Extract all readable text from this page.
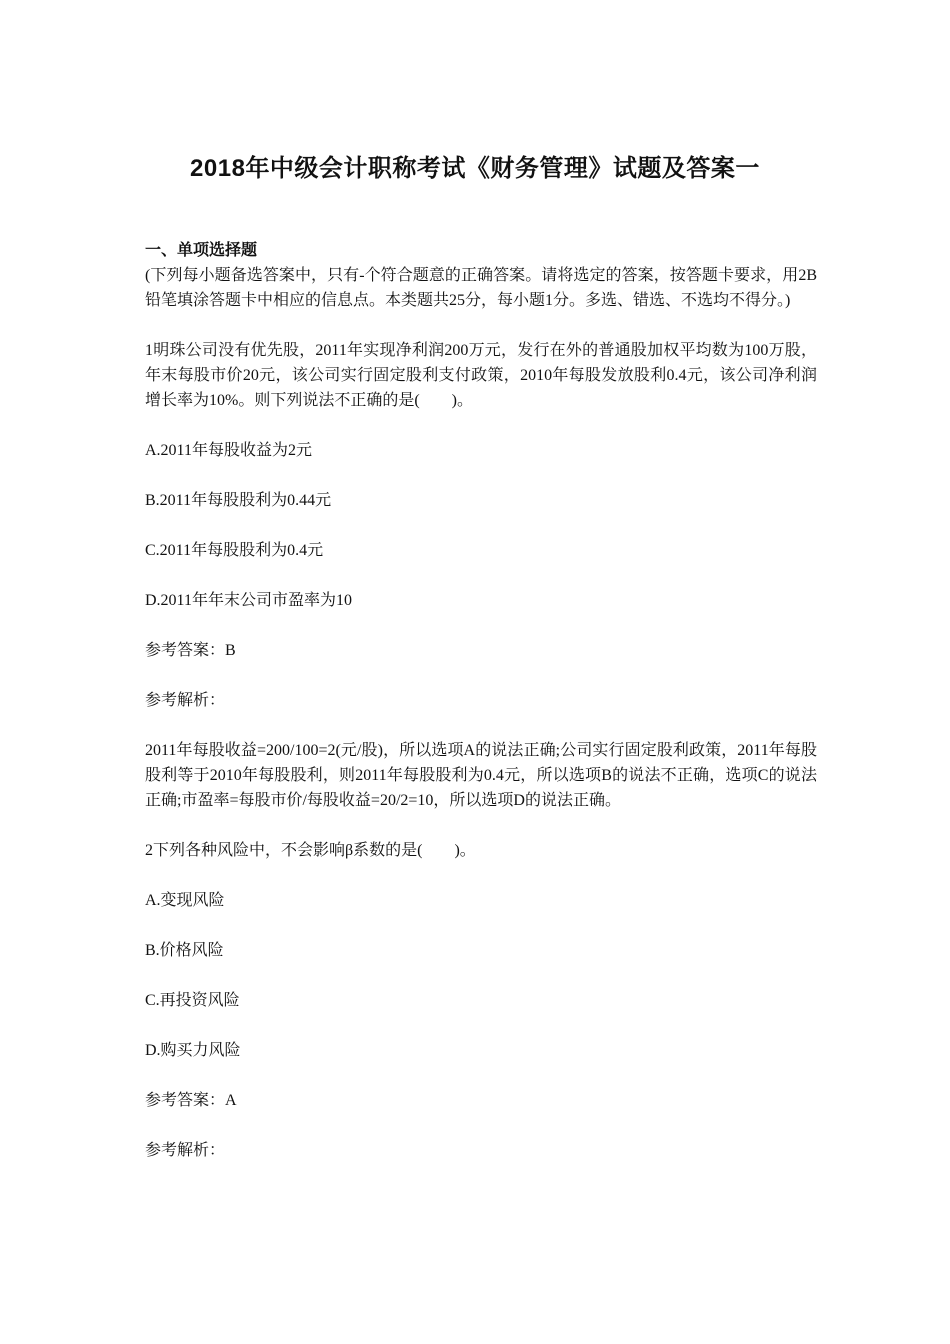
2018年中级会计职称考试《财务管理》试题及答案一

一、单项选择题

(下列每小题备选答案中，只有-个符合题意的正确答案。请将选定的答案，按答题卡要求，用2B铅笔填涂答题卡中相应的信息点。本类题共25分，每小题1分。多选、错选、不选均不得分。)

1明珠公司没有优先股，2011年实现净利润200万元，发行在外的普通股加权平均数为100万股，年末每股市价20元，该公司实行固定股利支付政策，2010年每股发放股利0.4元，该公司净利润增长率为10%。则下列说法不正确的是(　　)。

A.2011年每股收益为2元

B.2011年每股股利为0.44元

C.2011年每股股利为0.4元

D.2011年年末公司市盈率为10

参考答案：B

参考解析：

2011年每股收益=200/100=2(元/股)，所以选项A的说法正确;公司实行固定股利政策，2011年每股股利等于2010年每股股利，则2011年每股股利为0.4元，所以选项B的说法不正确，选项C的说法正确;市盈率=每股市价/每股收益=20/2=10，所以选项D的说法正确。

2下列各种风险中，不会影响β系数的是(　　)。

A.变现风险

B.价格风险

C.再投资风险

D.购买力风险

参考答案：A

参考解析：
